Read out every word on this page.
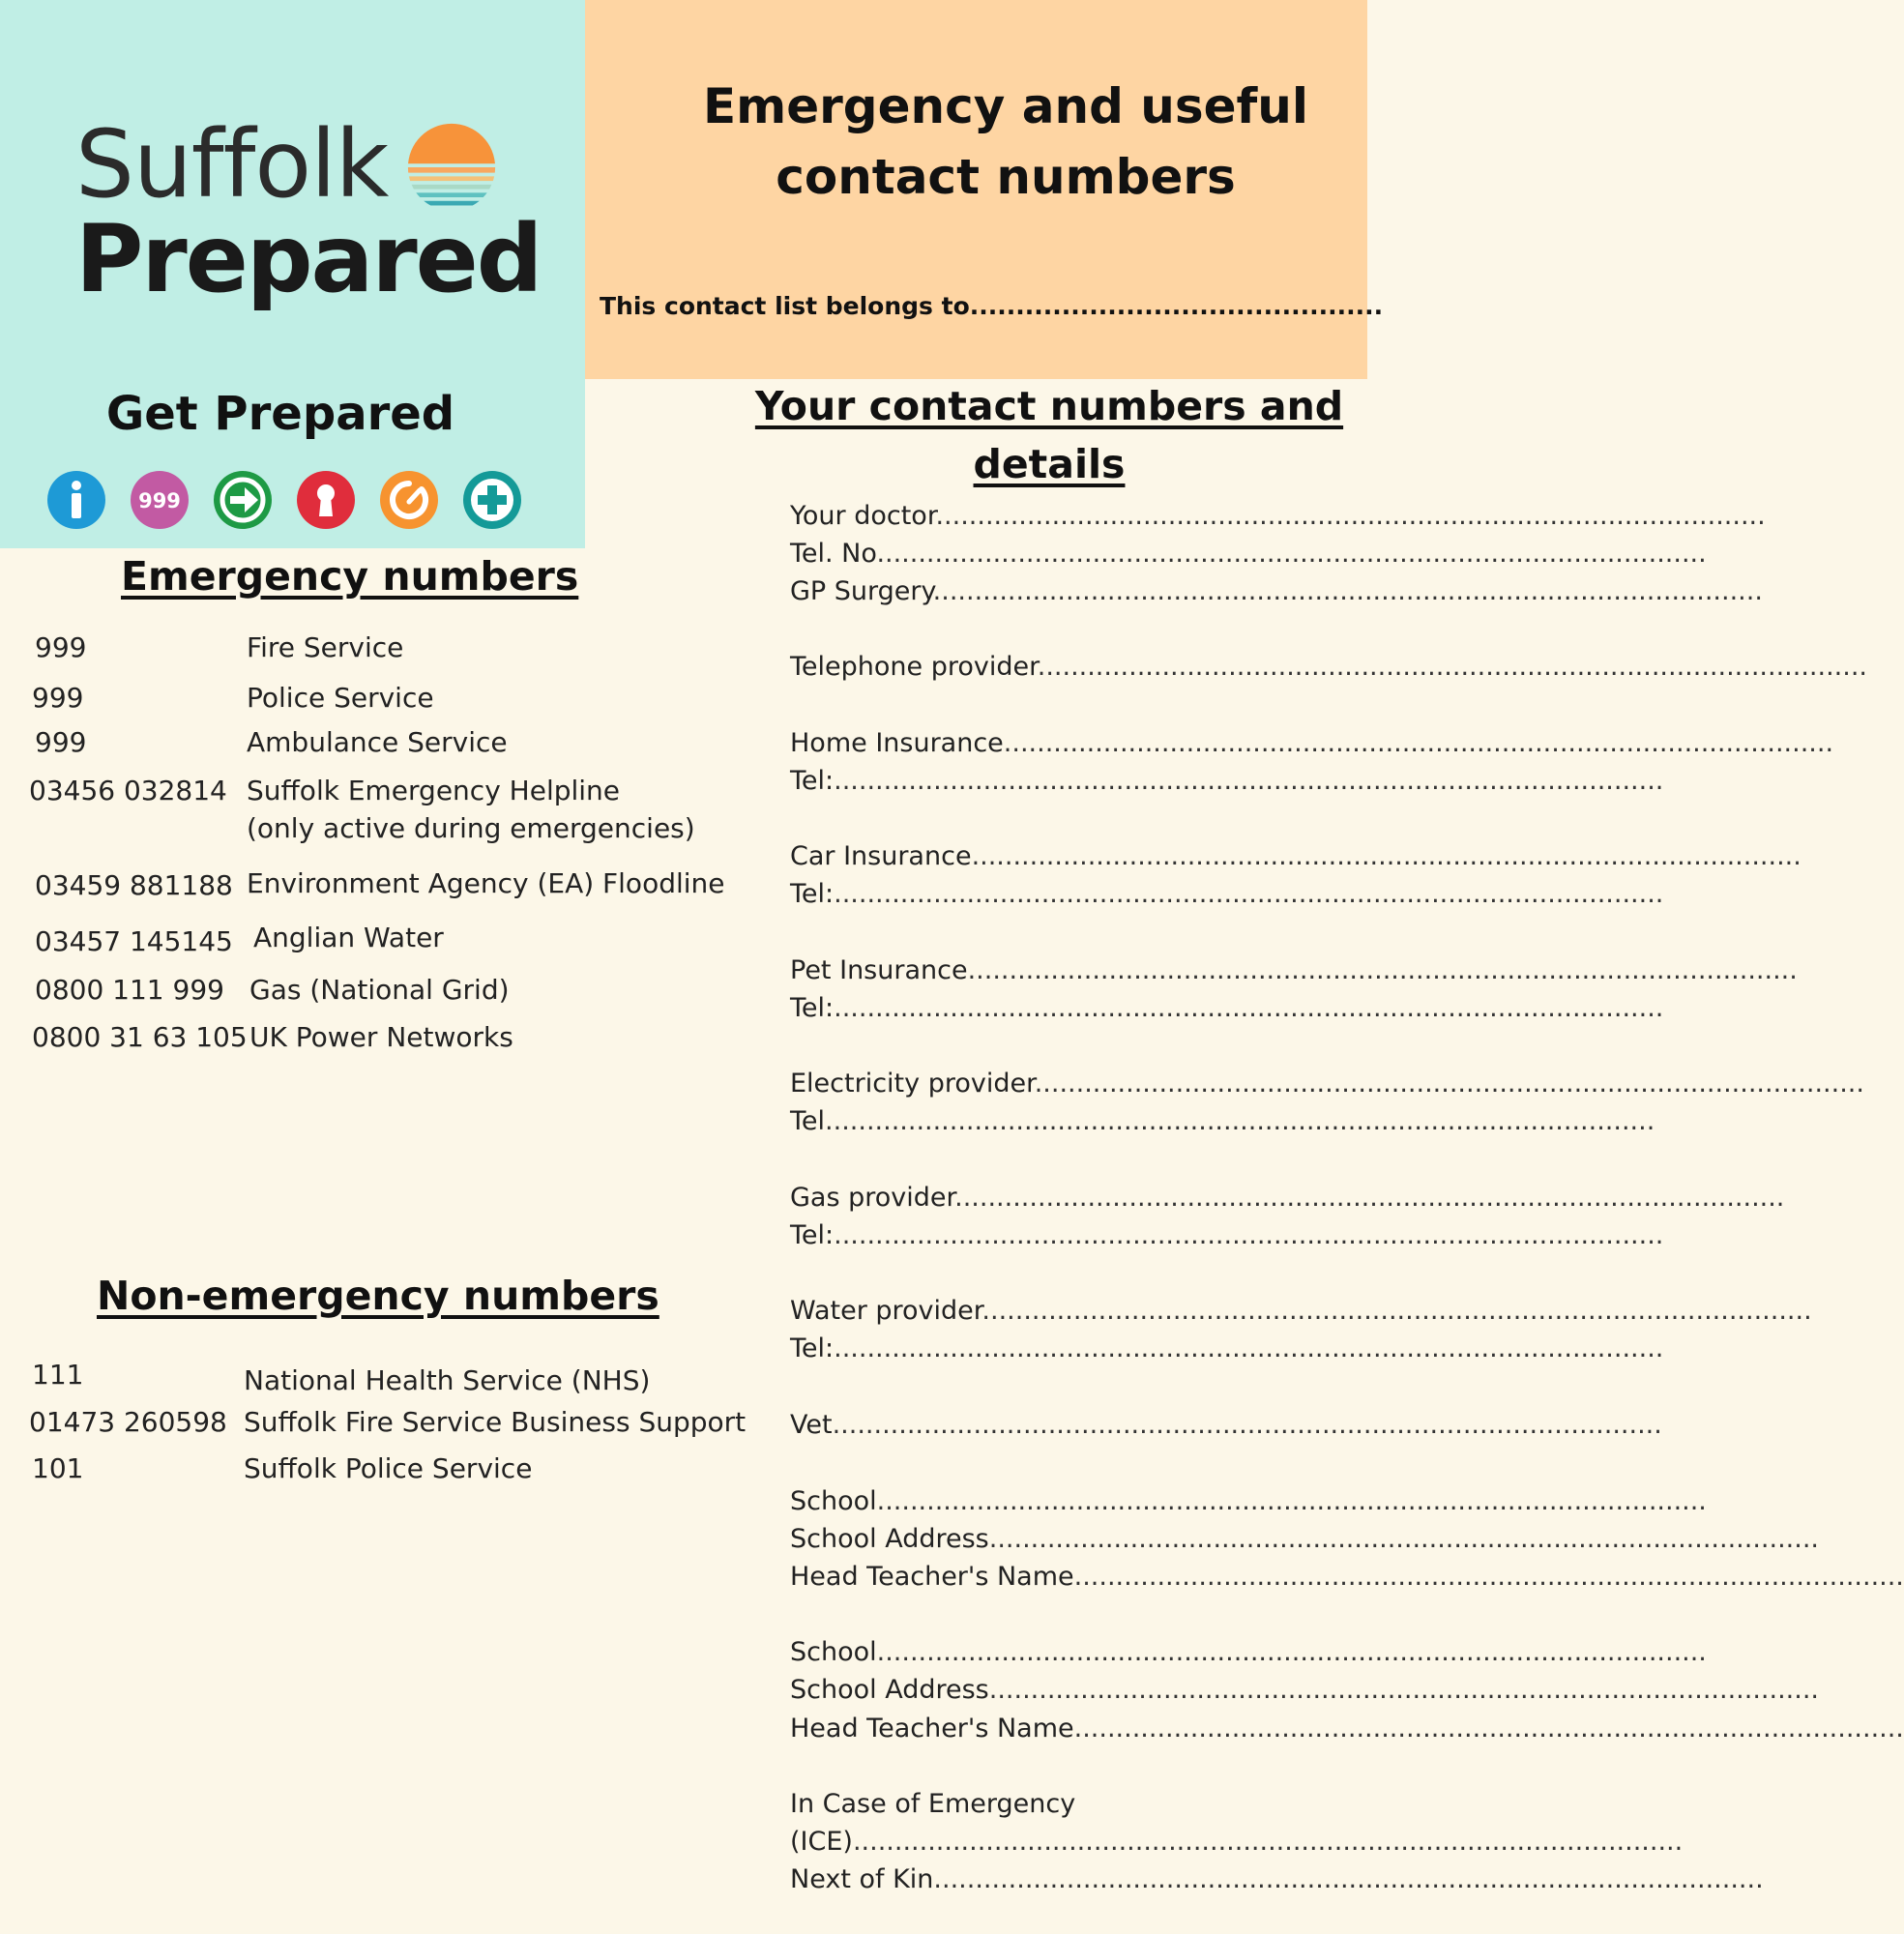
Suffolk
Prepared
Emergency and useful contact numbers

This contact list belongs to.............................................

Get Prepared
999
Emergency numbers
999	Fire Service
999	Police Service
999	Ambulance Service
03456 032814 Suffolk Emergency Helpline
(only active during emergencies)
03459 881188 Environment Agency (EA) Floodline
03457 145145 Anglian Water
0800 111 999 Gas (National Grid)
0800 31 63 105 UK Power Networks
Non-emergency numbers
111	National Health Service (NHS)
01473 260598 Suffolk Fire Service Business Support
101	Suffolk Police Service
Your contact numbers and details
Your doctor....................................................................................................
Tel. No....................................................................................................
GP Surgery....................................................................................................
Telephone provider....................................................................................................
Home Insurance....................................................................................................
Tel:....................................................................................................
Car Insurance....................................................................................................
Tel:....................................................................................................
Pet Insurance....................................................................................................
Tel:....................................................................................................
Electricity provider....................................................................................................
Tel....................................................................................................
Gas provider....................................................................................................
Tel:....................................................................................................
Water provider....................................................................................................
Tel:....................................................................................................
Vet....................................................................................................
School....................................................................................................
School Address....................................................................................................
Head Teacher's Name....................................................................................................
School....................................................................................................
School Address....................................................................................................
Head Teacher's Name....................................................................................................
In Case of Emergency
(ICE)....................................................................................................
Next of Kin....................................................................................................
